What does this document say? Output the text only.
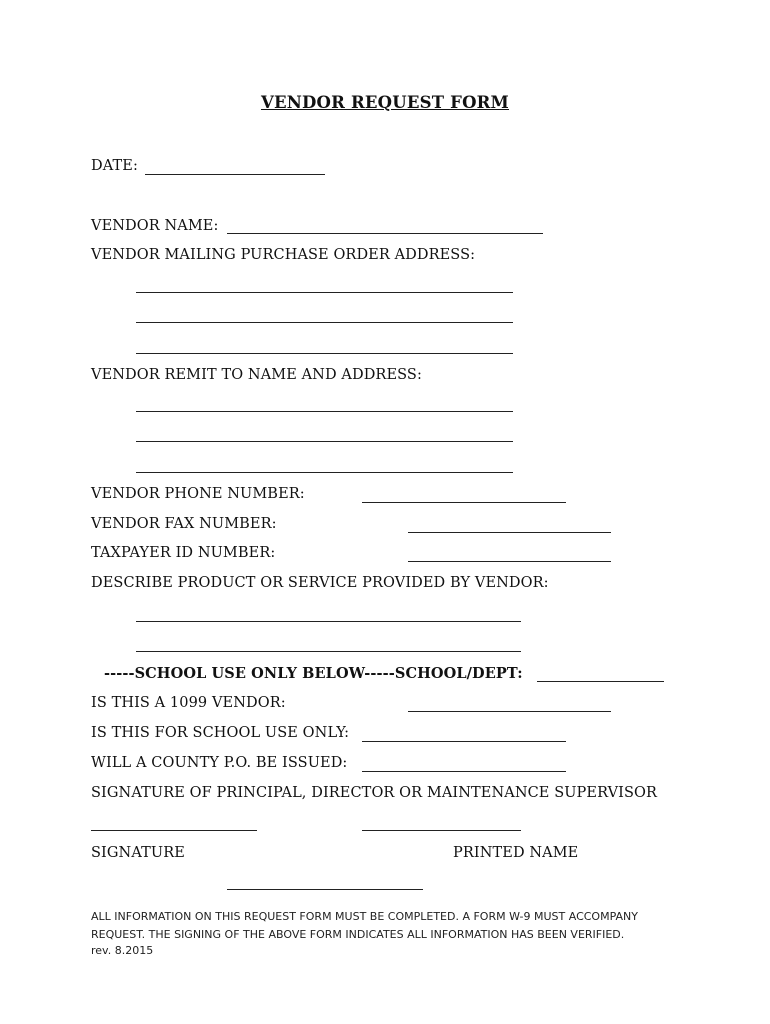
VENDOR REQUEST FORM
DATE:
VENDOR NAME:
VENDOR MAILING PURCHASE ORDER ADDRESS:
VENDOR REMIT TO NAME AND ADDRESS:
VENDOR PHONE NUMBER:
VENDOR FAX NUMBER:
TAXPAYER ID NUMBER:
DESCRIBE PRODUCT OR SERVICE PROVIDED BY VENDOR:
-----SCHOOL USE ONLY BELOW-----SCHOOL/DEPT:
IS THIS A 1099 VENDOR:
IS THIS FOR SCHOOL USE ONLY:
WILL A COUNTY P.O. BE ISSUED:
SIGNATURE OF PRINCIPAL, DIRECTOR OR MAINTENANCE SUPERVISOR
SIGNATURE	PRINTED NAME
ALL INFORMATION ON THIS REQUEST FORM MUST BE COMPLETED. A FORM W-9 MUST ACCOMPANY
REQUEST. THE SIGNING OF THE ABOVE FORM INDICATES ALL INFORMATION HAS BEEN VERIFIED.
rev. 8.2015
